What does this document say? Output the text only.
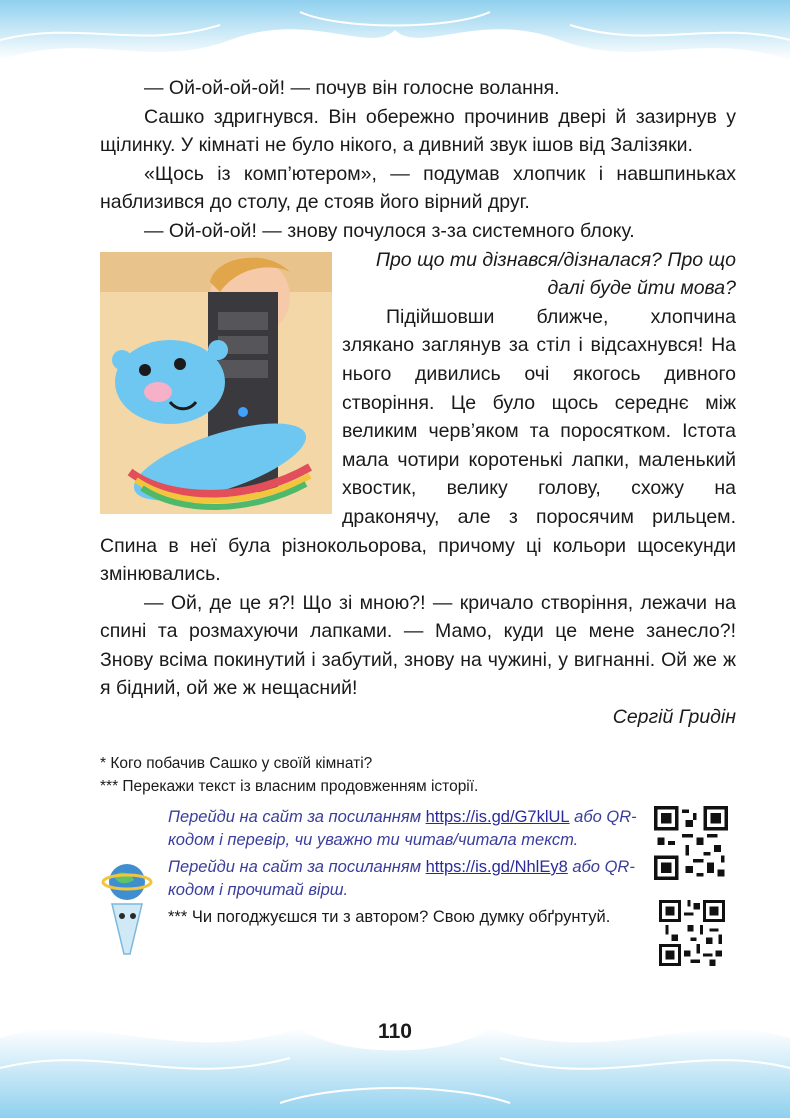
— Ой-ой-ой-ой! — почув він голосне волання.

Сашко здригнувся. Він обережно прочинив двері й зазирнув у щілинку. У кімнаті не було нікого, а дивний звук ішов від Залізяки.

«Щось із комп’ютером», — подумав хлопчик і навшпиньках наблизився до столу, де стояв його вірний друг.

— Ой-ой-ой! — знову почулося з-за системного блоку.

Про що ти дізнався/дізналася? Про що далі буде йти мова?

Підійшовши ближче, хлопчина злякано заглянув за стіл і відсахнувся! На нього дивились очі якогось дивного створіння. Це було щось середнє між великим черв’яком та поросятком. Істота мала чотири коротенькі лапки, маленький хвостик, велику голову, схожу на драконячу, але з поросячим рильцем. Спина в неї була різнокольорова, причому ці кольори щосекунди змінювались.

— Ой, де це я?! Що зі мною?! — кричало створіння, лежачи на спині та розмахуючи лапками. — Мамо, куди це мене занесло?! Знову всіма покинутий і забутий, знову на чужині, у вигнанні. Ой же ж я бідний, ой же ж нещасний!

Сергій Гридін

* Кого побачив Сашко у своїй кімнаті?

*** Перекажи текст із власним продовженням історії.

Перейди на сайт за посиланням https://is.gd/G7klUL або QR-кодом і перевір, чи уважно ти читав/читала текст.

Перейди на сайт за посиланням https://is.gd/NhlEy8 або QR-кодом і прочитай вірш.

*** Чи погоджуєшся ти з автором? Свою думку обґрунтуй.

110
